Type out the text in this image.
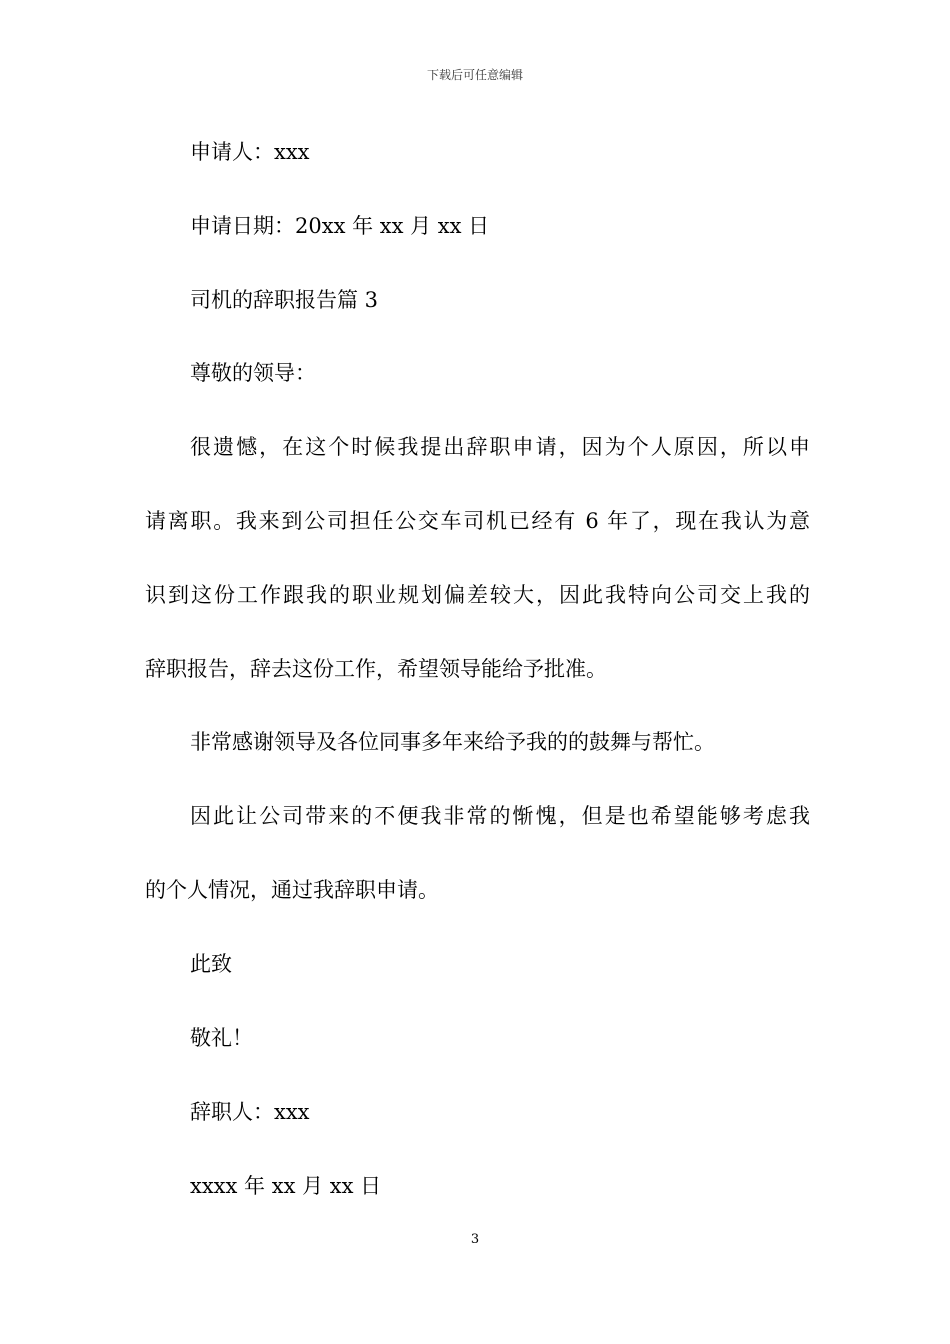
下载后可任意编辑
申请人：xxx
申请日期：20xx 年 xx 月 xx 日
司机的辞职报告篇 3
尊敬的领导：
很遗憾，在这个时候我提出辞职申请，因为个人原因，所以申
请离职。我来到公司担任公交车司机已经有 6 年了，现在我认为意
识到这份工作跟我的职业规划偏差较大，因此我特向公司交上我的
辞职报告，辞去这份工作，希望领导能给予批准。
非常感谢领导及各位同事多年来给予我的的鼓舞与帮忙。
因此让公司带来的不便我非常的惭愧，但是也希望能够考虑我
的个人情况，通过我辞职申请。
此致
敬礼！
辞职人：xxx
xxxx 年 xx 月 xx 日
3
